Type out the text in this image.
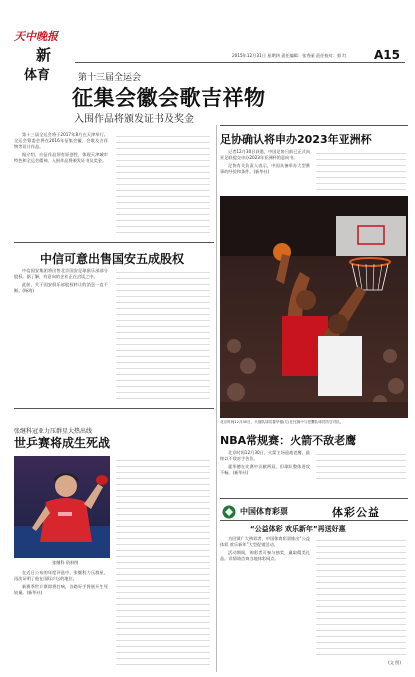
天中晚报
新
体育
2015年12月31日 星期四 责任编辑：张秀丽 责任校对：郭 红 A15
第十三届全运会
征集会徽会歌吉祥物
入围作品将颁发证书及奖金

第十三届全运会将于2017年8月在天津举行。全运会筹委会将在2016年征集会徽、会歌及吉祥物等设计作品。

据介绍，应征作品须有原创性，体现天津城市特色和全运会精神。入围作品将颁发证书及奖金。

中信可意出售国安五成股权

中信国安集团将出售北京国安足球俱乐部部分股权。据了解，有意向的企业正在洽谈之中。

此前，关于国安俱乐部股权转让的消息一直不断。(杨海)

张继科冠亚力压群星大热出线
世乒赛将成生死战
张继科 资料图

在近日公布的年度评选中，张继科力压群星，再次证明了他在国际乒坛的地位。

新赛季世乒赛即将打响，各路好手将展开生死较量。(新华社)

足协确认将申办2023年亚洲杯

记者12月30日获悉，中国足协日前已正式向亚足联提交申办2023年亚洲杯的意向书。

足协有关负责人表示，中国具备举办大型赛事的经验和条件。(新华社)

北京时间12月30日，火箭队球员霍华德(左)在比赛中与老鹰队球员防守对抗。
NBA常规赛：火箭不敌老鹰

北京时间12月30日，火箭主场迎战老鹰，最终以不敌对手告负。

霍华德在比赛中贡献两双，但球队整体进攻不畅。(新华社)

中国体育彩票	体彩公益
“公益体彩 欢乐新年”再送好惠

为回馈广大购彩者，中国体育彩票推出“公益体彩 欢乐新年”大型促销活动。

活动期间，购彩者可参与抽奖，赢取精美礼品。详情请咨询当地体彩网点。

(文 图)
